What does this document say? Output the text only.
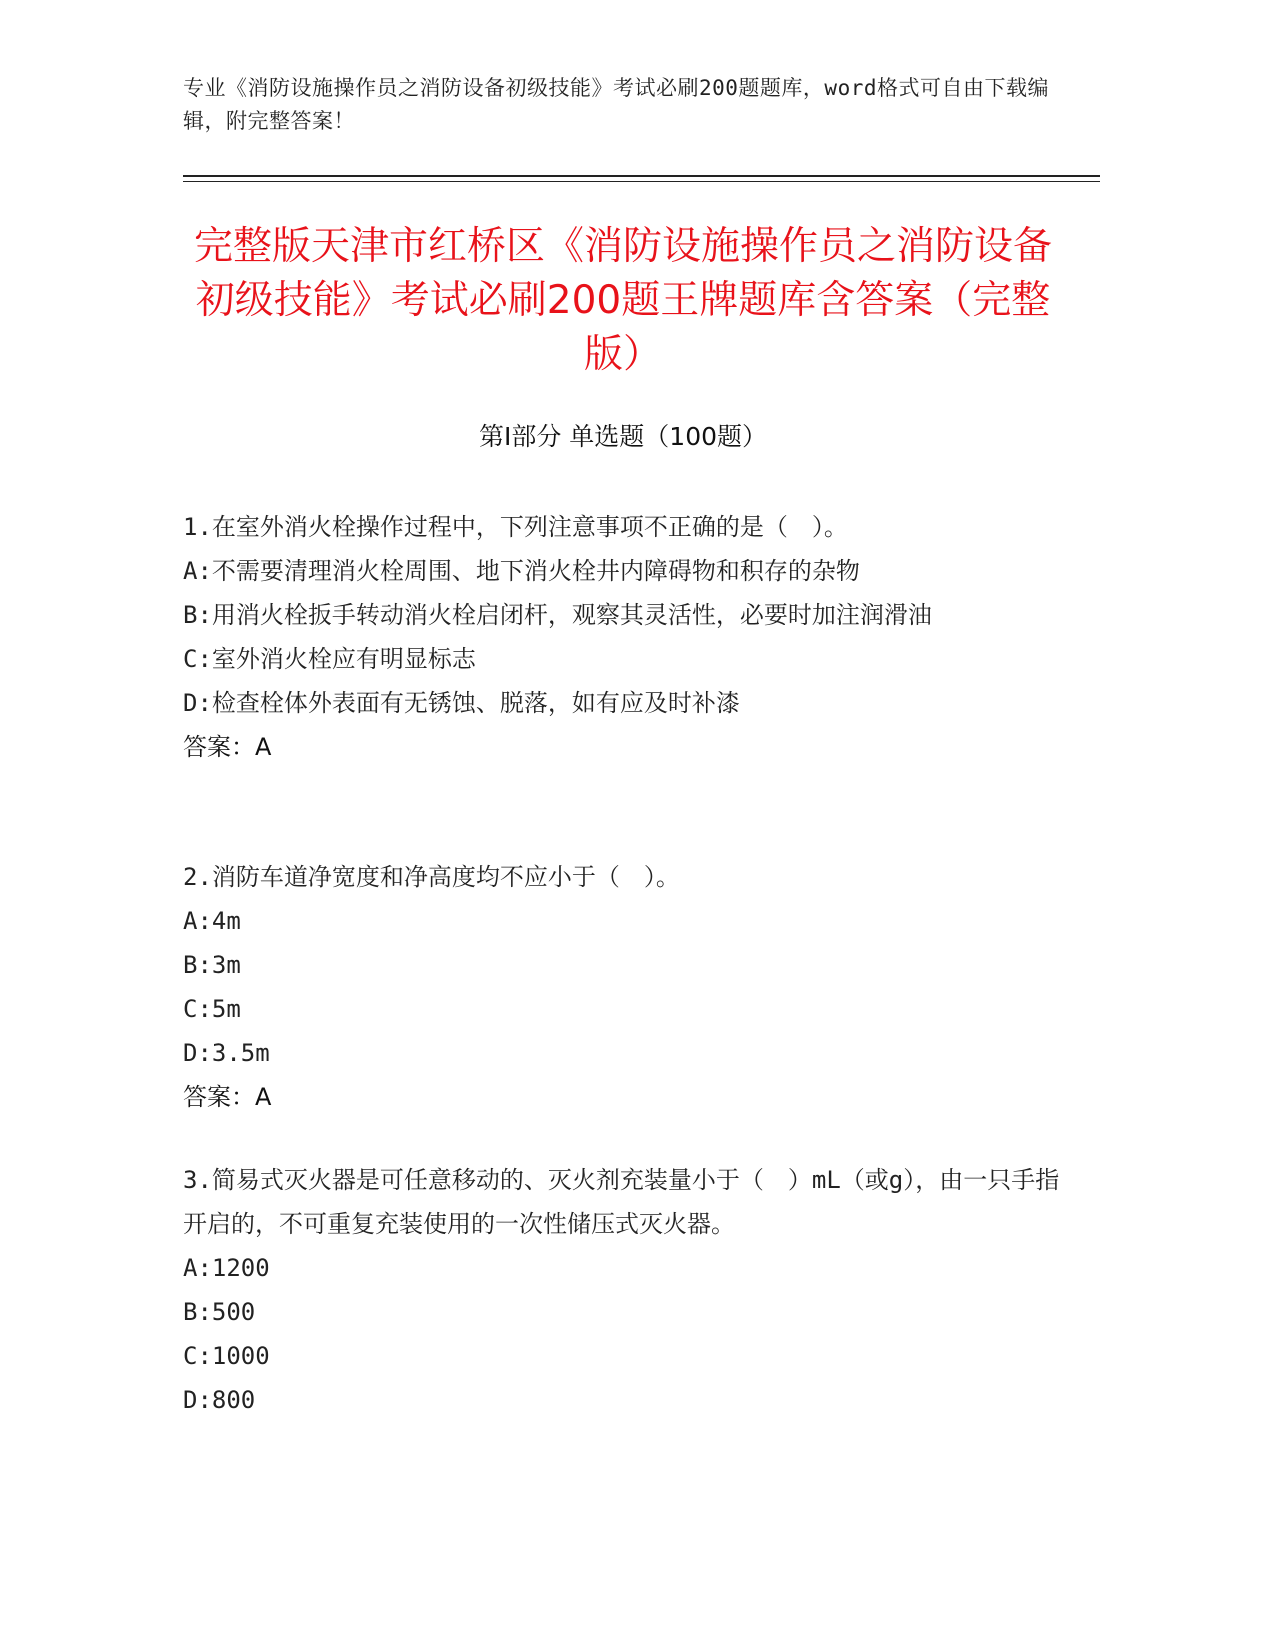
专业《消防设施操作员之消防设备初级技能》考试必刷200题题库，word格式可自由下载编辑，附完整答案！
完整版天津市红桥区《消防设施操作员之消防设备初级技能》考试必刷200题王牌题库含答案（完整版）
第Ⅰ部分 单选题（100题）

1.在室外消火栓操作过程中，下列注意事项不正确的是（　）。

A:不需要清理消火栓周围、地下消火栓井内障碍物和积存的杂物

B:用消火栓扳手转动消火栓启闭杆，观察其灵活性，必要时加注润滑油

C:室外消火栓应有明显标志

D:检查栓体外表面有无锈蚀、脱落，如有应及时补漆

答案：A

2.消防车道净宽度和净高度均不应小于（　）。

A:4m

B:3m

C:5m

D:3.5m

答案：A

3.简易式灭火器是可任意移动的、灭火剂充装量小于（　）mL（或g），由一只手指开启的，不可重复充装使用的一次性储压式灭火器。

A:1200

B:500

C:1000

D:800
